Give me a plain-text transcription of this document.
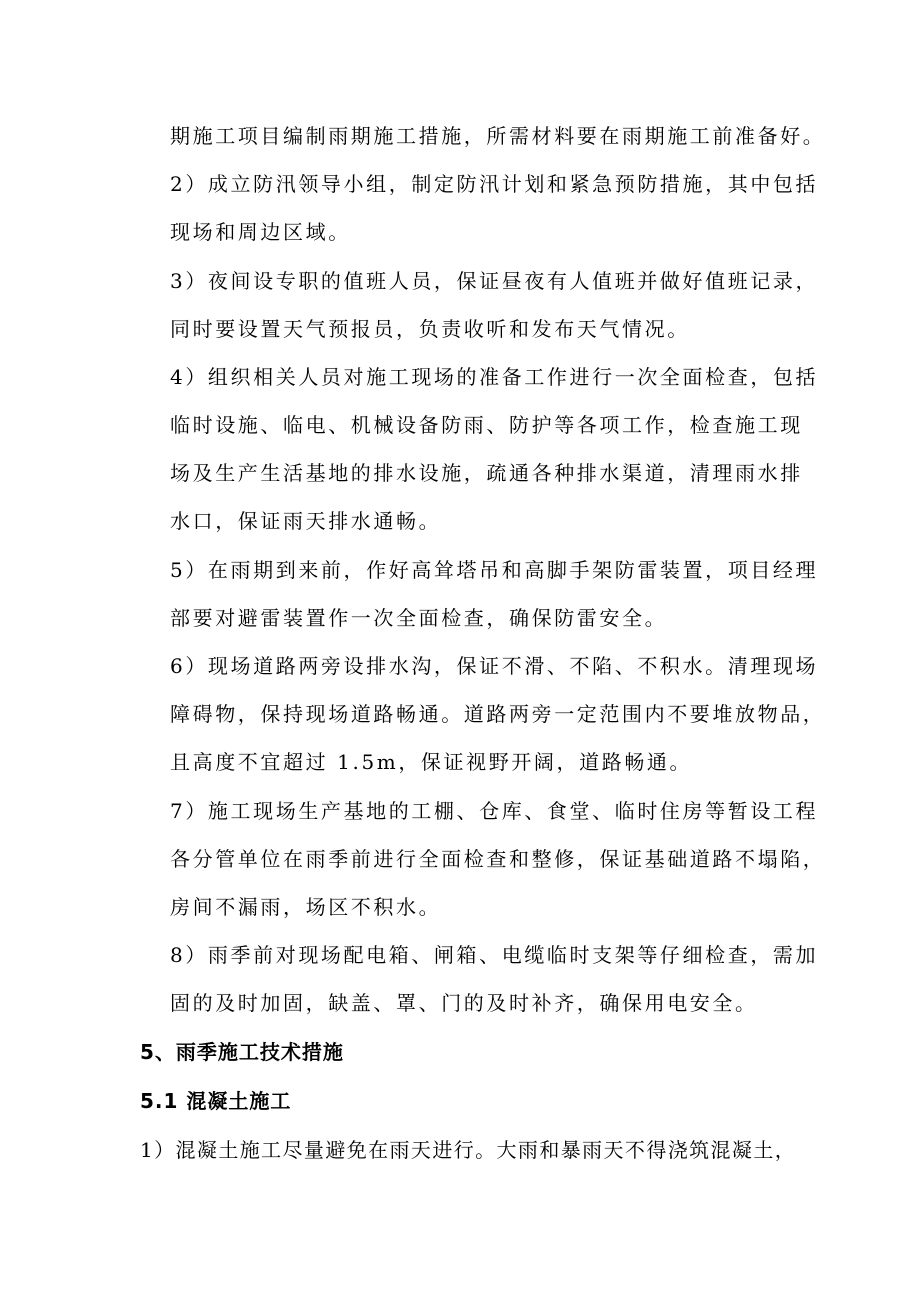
期施工项目编制雨期施工措施，所需材料要在雨期施工前准备好。
2）成立防汛领导小组，制定防汛计划和紧急预防措施，其中包括
现场和周边区域。
3）夜间设专职的值班人员，保证昼夜有人值班并做好值班记录，
同时要设置天气预报员，负责收听和发布天气情况。
4）组织相关人员对施工现场的准备工作进行一次全面检查，包括
临时设施、临电、机械设备防雨、防护等各项工作，检查施工现
场及生产生活基地的排水设施，疏通各种排水渠道，清理雨水排
水口，保证雨天排水通畅。
5）在雨期到来前，作好高耸塔吊和高脚手架防雷装置，项目经理
部要对避雷装置作一次全面检查，确保防雷安全。
6）现场道路两旁设排水沟，保证不滑、不陷、不积水。清理现场
障碍物，保持现场道路畅通。道路两旁一定范围内不要堆放物品，
且高度不宜超过 1.5m，保证视野开阔，道路畅通。
7）施工现场生产基地的工棚、仓库、食堂、临时住房等暂设工程
各分管单位在雨季前进行全面检查和整修，保证基础道路不塌陷，
房间不漏雨，场区不积水。
8）雨季前对现场配电箱、闸箱、电缆临时支架等仔细检查，需加
固的及时加固，缺盖、罩、门的及时补齐，确保用电安全。
5、雨季施工技术措施
5.1 混凝土施工
1）混凝土施工尽量避免在雨天进行。大雨和暴雨天不得浇筑混凝土，
